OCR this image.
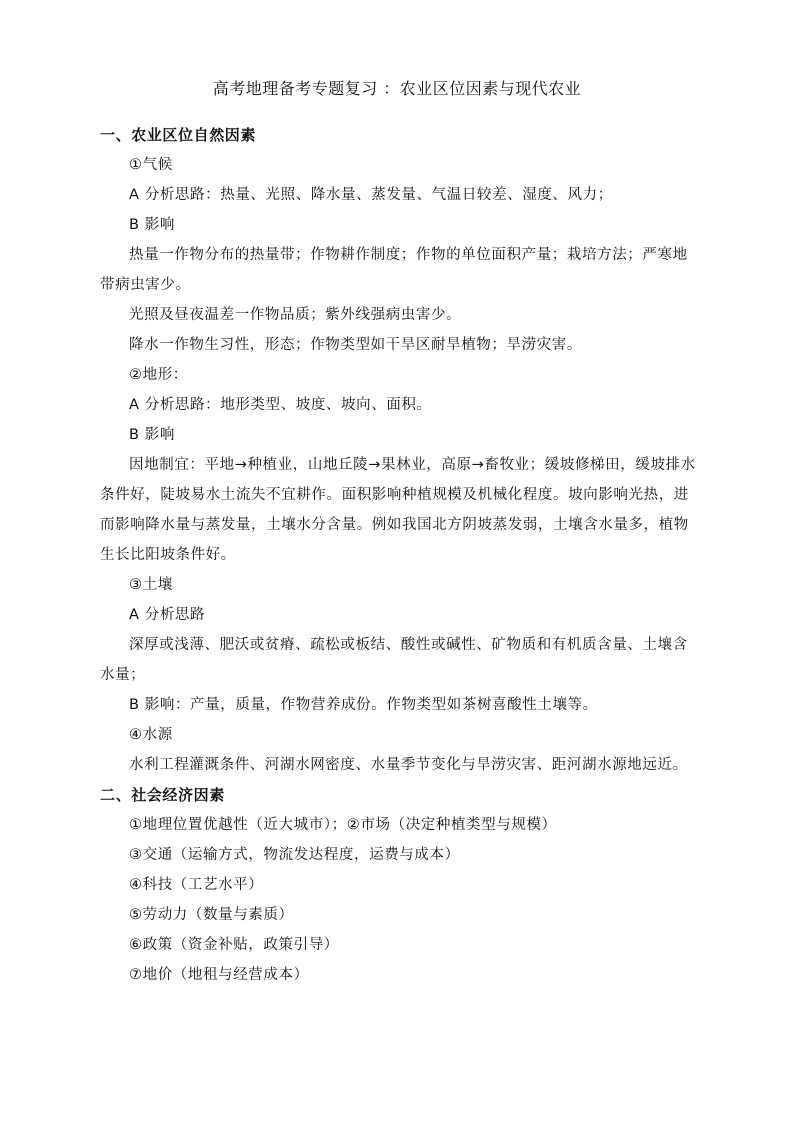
高考地理备考专题复习 ：农业区位因素与现代农业

一、农业区位自然因素

①气候

A 分析思路：热量、光照、降水量、蒸发量、气温日较差、湿度、风力；

B 影响

热量一作物分布的热量带；作物耕作制度；作物的单位面积产量；栽培方法；严寒地带病虫害少。

光照及昼夜温差一作物品质；紫外线强病虫害少。

降水一作物生习性，形态；作物类型如干旱区耐旱植物；旱涝灾害。

②地形：

A 分析思路：地形类型、坡度、坡向、面积。

B 影响

因地制宜：平地→种植业，山地丘陵→果林业，高原→畜牧业；缓坡修梯田，缓坡排水条件好，陡坡易水土流失不宜耕作。面积影响种植规模及机械化程度。坡向影响光热，进而影响降水量与蒸发量，土壤水分含量。例如我国北方阴坡蒸发弱，土壤含水量多，植物生长比阳坡条件好。

③土壤

A 分析思路

深厚或浅薄、肥沃或贫瘠、疏松或板结、酸性或碱性、矿物质和有机质含量、土壤含水量；

B 影响：产量，质量，作物营养成份。作物类型如茶树喜酸性土壤等。

④水源

水利工程灌溉条件、河湖水网密度、水量季节变化与旱涝灾害、距河湖水源地远近。

二、社会经济因素

①地理位置优越性（近大城市）；②市场（决定种植类型与规模）

③交通（运输方式，物流发达程度，运费与成本）

④科技（工艺水平）

⑤劳动力（数量与素质）

⑥政策（资金补贴，政策引导）

⑦地价（地租与经营成本）
